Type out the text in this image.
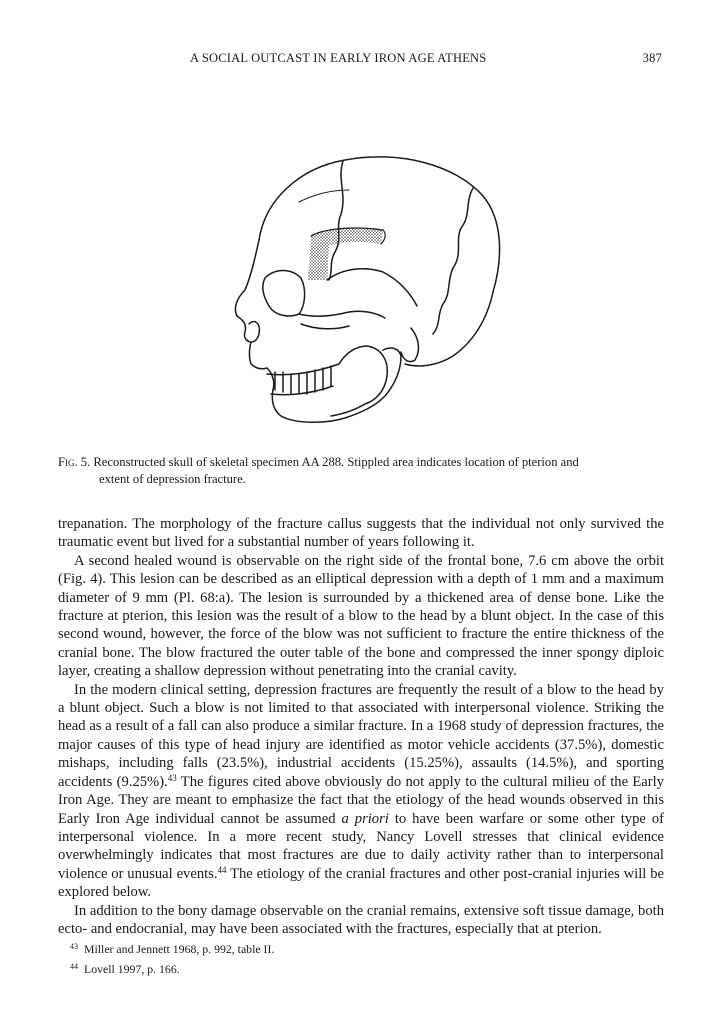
A SOCIAL OUTCAST IN EARLY IRON AGE ATHENS	387
Fig. 5. Reconstructed skull of skeletal specimen AA 288. Stippled area indicates location of pterion and
extent of depression fracture.

trepanation. The morphology of the fracture callus suggests that the individual not only survived the traumatic event but lived for a substantial number of years following it.

A second healed wound is observable on the right side of the frontal bone, 7.6 cm above the orbit (Fig. 4). This lesion can be described as an elliptical depression with a depth of 1 mm and a maximum diameter of 9 mm (Pl. 68:a). The lesion is surrounded by a thickened area of dense bone. Like the fracture at pterion, this lesion was the result of a blow to the head by a blunt object. In the case of this second wound, however, the force of the blow was not sufficient to fracture the entire thickness of the cranial bone. The blow fractured the outer table of the bone and compressed the inner spongy diploic layer, creating a shallow depression without penetrating into the cranial cavity.

In the modern clinical setting, depression fractures are frequently the result of a blow to the head by a blunt object. Such a blow is not limited to that associated with interpersonal violence. Striking the head as a result of a fall can also produce a similar fracture. In a 1968 study of depression fractures, the major causes of this type of head injury are identified as motor vehicle accidents (37.5%), domestic mishaps, including falls (23.5%), industrial accidents (15.25%), assaults (14.5%), and sporting accidents (9.25%).$^{43}$ The figures cited above obviously do not apply to the cultural milieu of the Early Iron Age. They are meant to emphasize the fact that the etiology of the head wounds observed in this Early Iron Age individual cannot be assumed a priori to have been warfare or some other type of interpersonal violence. In a more recent study, Nancy Lovell stresses that clinical evidence overwhelmingly indicates that most fractures are due to daily activity rather than to interpersonal violence or unusual events.$^{44}$ The etiology of the cranial fractures and other post-cranial injuries will be explored below.

In addition to the bony damage observable on the cranial remains, extensive soft tissue damage, both ecto- and endocranial, may have been associated with the fractures, especially that at pterion.

$^{43}$ Miller and Jennett 1968, p. 992, table II.
$^{44}$ Lovell 1997, p. 166.
